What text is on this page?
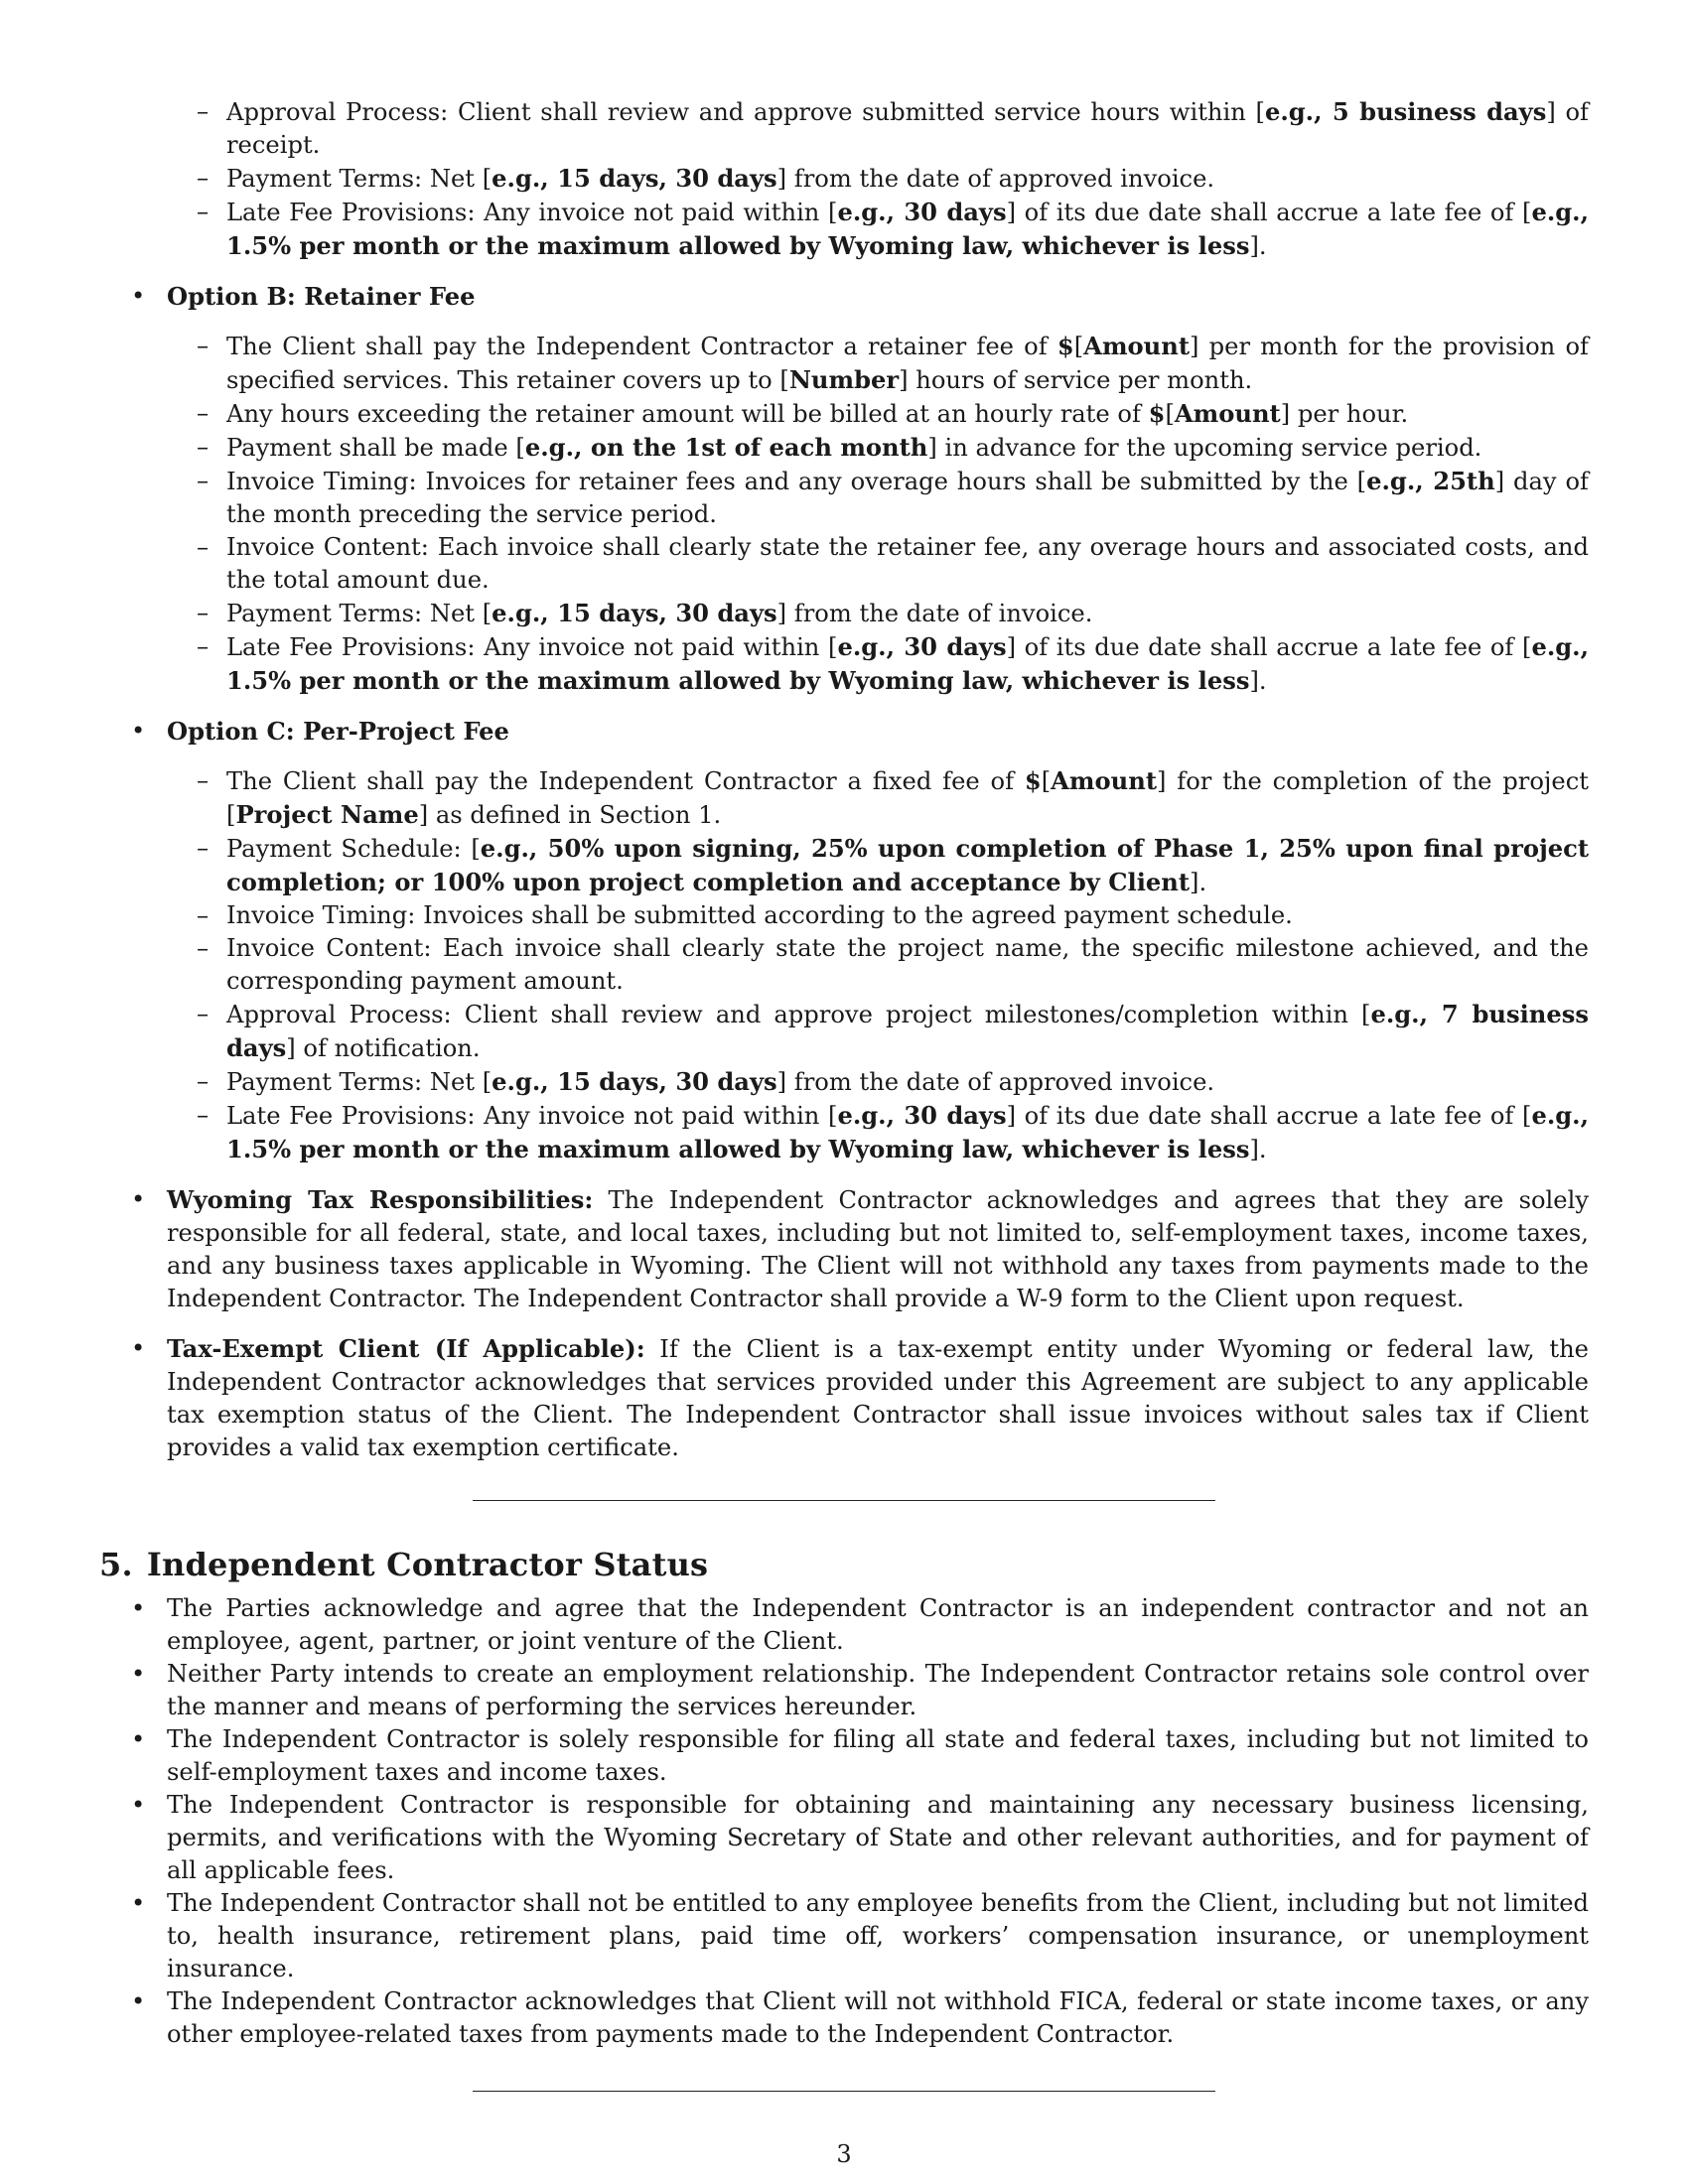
– Approval Process: Client shall review and approve submitted service hours within [e.g., 5 business days] of receipt.
– Payment Terms: Net [e.g., 15 days, 30 days] from the date of approved invoice.
– Late Fee Provisions: Any invoice not paid within [e.g., 30 days] of its due date shall accrue a late fee of [e.g., 1.5% per month or the maximum allowed by Wyoming law, whichever is less].
• Option B: Retainer Fee
– The Client shall pay the Independent Contractor a retainer fee of $[Amount] per month for the provision of specified services. This retainer covers up to [Number] hours of service per month.
– Any hours exceeding the retainer amount will be billed at an hourly rate of $[Amount] per hour.
– Payment shall be made [e.g., on the 1st of each month] in advance for the upcoming service period.
– Invoice Timing: Invoices for retainer fees and any overage hours shall be submitted by the [e.g., 25th] day of the month preceding the service period.
– Invoice Content: Each invoice shall clearly state the retainer fee, any overage hours and associated costs, and the total amount due.
– Payment Terms: Net [e.g., 15 days, 30 days] from the date of invoice.
– Late Fee Provisions: Any invoice not paid within [e.g., 30 days] of its due date shall accrue a late fee of [e.g., 1.5% per month or the maximum allowed by Wyoming law, whichever is less].
• Option C: Per-Project Fee
– The Client shall pay the Independent Contractor a fixed fee of $[Amount] for the completion of the project [Project Name] as defined in Section 1.
– Payment Schedule: [e.g., 50% upon signing, 25% upon completion of Phase 1, 25% upon final project completion; or 100% upon project completion and acceptance by Client].
– Invoice Timing: Invoices shall be submitted according to the agreed payment schedule.
– Invoice Content: Each invoice shall clearly state the project name, the specific milestone achieved, and the corresponding payment amount.
– Approval Process: Client shall review and approve project milestones/completion within [e.g., 7 business days] of notification.
– Payment Terms: Net [e.g., 15 days, 30 days] from the date of approved invoice.
– Late Fee Provisions: Any invoice not paid within [e.g., 30 days] of its due date shall accrue a late fee of [e.g., 1.5% per month or the maximum allowed by Wyoming law, whichever is less].
• Wyoming Tax Responsibilities: The Independent Contractor acknowledges and agrees that they are solely responsible for all federal, state, and local taxes, including but not limited to, self-employment taxes, income taxes, and any business taxes applicable in Wyoming. The Client will not withhold any taxes from payments made to the Independent Contractor. The Independent Contractor shall provide a W-9 form to the Client upon request.
• Tax-Exempt Client (If Applicable): If the Client is a tax-exempt entity under Wyoming or federal law, the Independent Contractor acknowledges that services provided under this Agreement are subject to any applicable tax exemption status of the Client. The Independent Contractor shall issue invoices without sales tax if Client provides a valid tax exemption certificate.
5. Independent Contractor Status
• The Parties acknowledge and agree that the Independent Contractor is an independent contractor and not an employee, agent, partner, or joint venture of the Client.
• Neither Party intends to create an employment relationship. The Independent Contractor retains sole control over the manner and means of performing the services hereunder.
• The Independent Contractor is solely responsible for filing all state and federal taxes, including but not limited to self-employment taxes and income taxes.
• The Independent Contractor is responsible for obtaining and maintaining any necessary business licensing, permits, and verifications with the Wyoming Secretary of State and other relevant authorities, and for payment of all applicable fees.
• The Independent Contractor shall not be entitled to any employee benefits from the Client, including but not limited to, health insurance, retirement plans, paid time off, workers’ compensation insurance, or unemployment insurance.
• The Independent Contractor acknowledges that Client will not withhold FICA, federal or state income taxes, or any other employee-related taxes from payments made to the Independent Contractor.
3
